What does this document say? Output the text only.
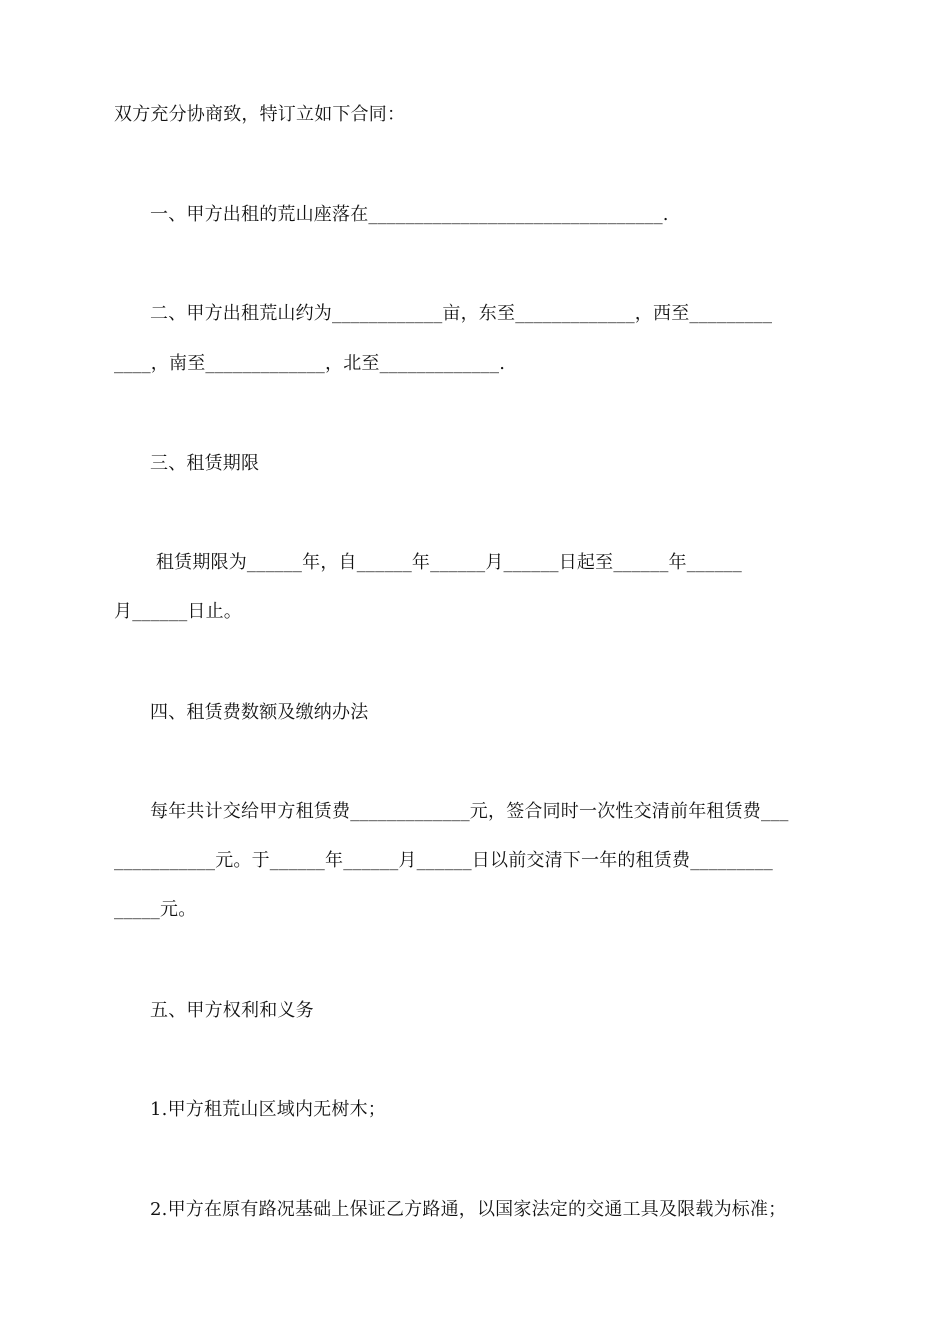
双方充分协商致，特订立如下合同：
一、甲方出租的荒山座落在________________________________.
二、甲方出租荒山约为____________亩，东至_____________，西至_________
____，南至_____________，北至_____________.
三、租赁期限
租赁期限为______年，自______年______月______日起至______年______
月______日止。
四、租赁费数额及缴纳办法
每年共计交给甲方租赁费_____________元，签合同时一次性交清前年租赁费___
___________元。于______年______月______日以前交清下一年的租赁费_________
_____元。
五、甲方权利和义务
1.甲方租荒山区域内无树木；
2.甲方在原有路况基础上保证乙方路通，以国家法定的交通工具及限载为标准；
